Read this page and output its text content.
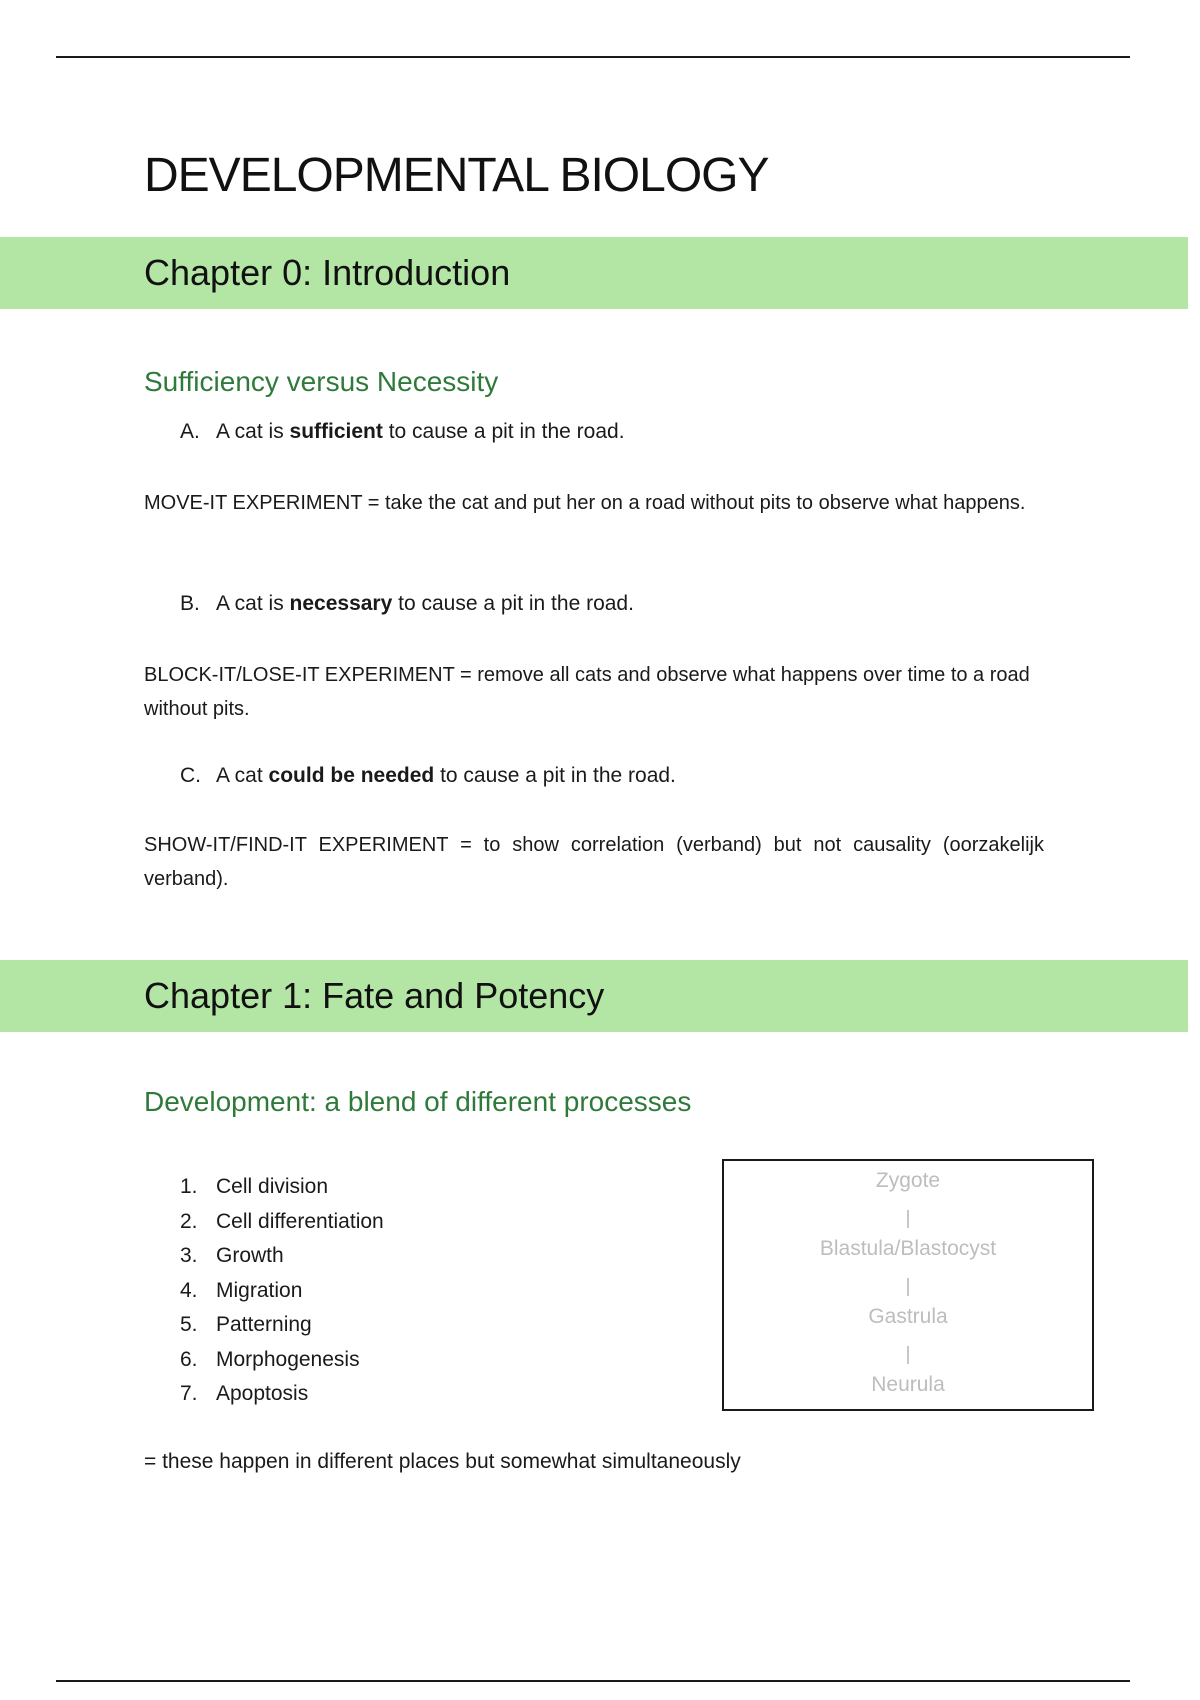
DEVELOPMENTAL BIOLOGY
Chapter 0: Introduction
Sufficiency versus Necessity
A. A cat is sufficient to cause a pit in the road.

MOVE-IT EXPERIMENT = take the cat and put her on a road without pits to observe what happens.

B. A cat is necessary to cause a pit in the road.

BLOCK-IT/LOSE-IT EXPERIMENT = remove all cats and observe what happens over time to a road without pits.

C. A cat could be needed to cause a pit in the road.

SHOW-IT/FIND-IT EXPERIMENT = to show correlation (verband) but not causality (oorzakelijk verband).

Chapter 1: Fate and Potency
Development: a blend of different processes
1. Cell division
2. Cell differentiation
3. Growth
4. Migration
5. Patterning
6. Morphogenesis
7. Apoptosis
Zygote
Blastula/Blastocyst
Gastrula
Neurula

= these happen in different places but somewhat simultaneously
